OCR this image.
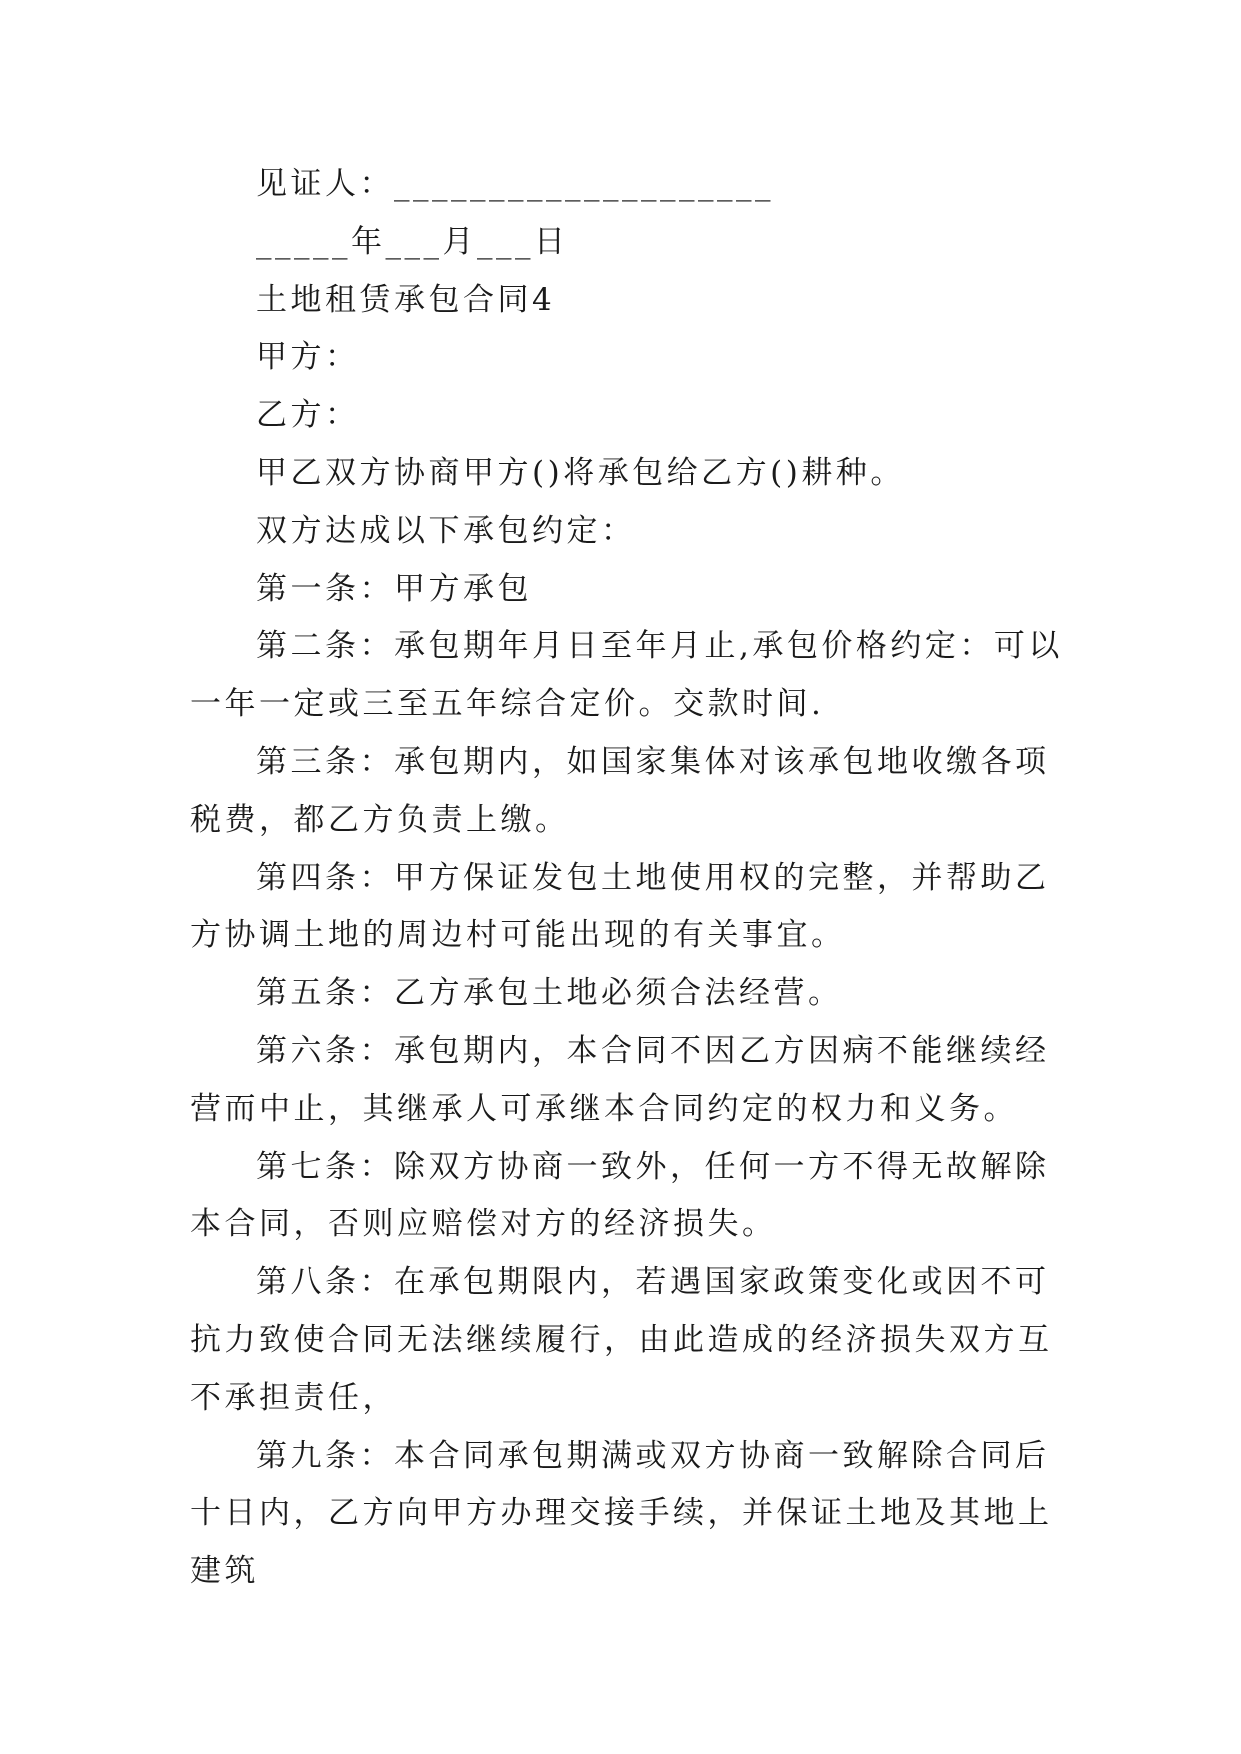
见证人：____________________

_____年___月___日

土地租赁承包合同4

甲方：

乙方：

甲乙双方协商甲方()将承包给乙方()耕种。

双方达成以下承包约定：

第一条：甲方承包

第二条：承包期年月日至年月止,承包价格约定：可以一年一定或三至五年综合定价。交款时间.

第三条：承包期内，如国家集体对该承包地收缴各项税费，都乙方负责上缴。

第四条：甲方保证发包土地使用权的完整，并帮助乙方协调土地的周边村可能出现的有关事宜。

第五条：乙方承包土地必须合法经营。

第六条：承包期内，本合同不因乙方因病不能继续经营而中止，其继承人可承继本合同约定的权力和义务。

第七条：除双方协商一致外，任何一方不得无故解除本合同，否则应赔偿对方的经济损失。

第八条：在承包期限内，若遇国家政策变化或因不可抗力致使合同无法继续履行，由此造成的经济损失双方互不承担责任，

第九条：本合同承包期满或双方协商一致解除合同后十日内，乙方向甲方办理交接手续，并保证土地及其地上建筑
